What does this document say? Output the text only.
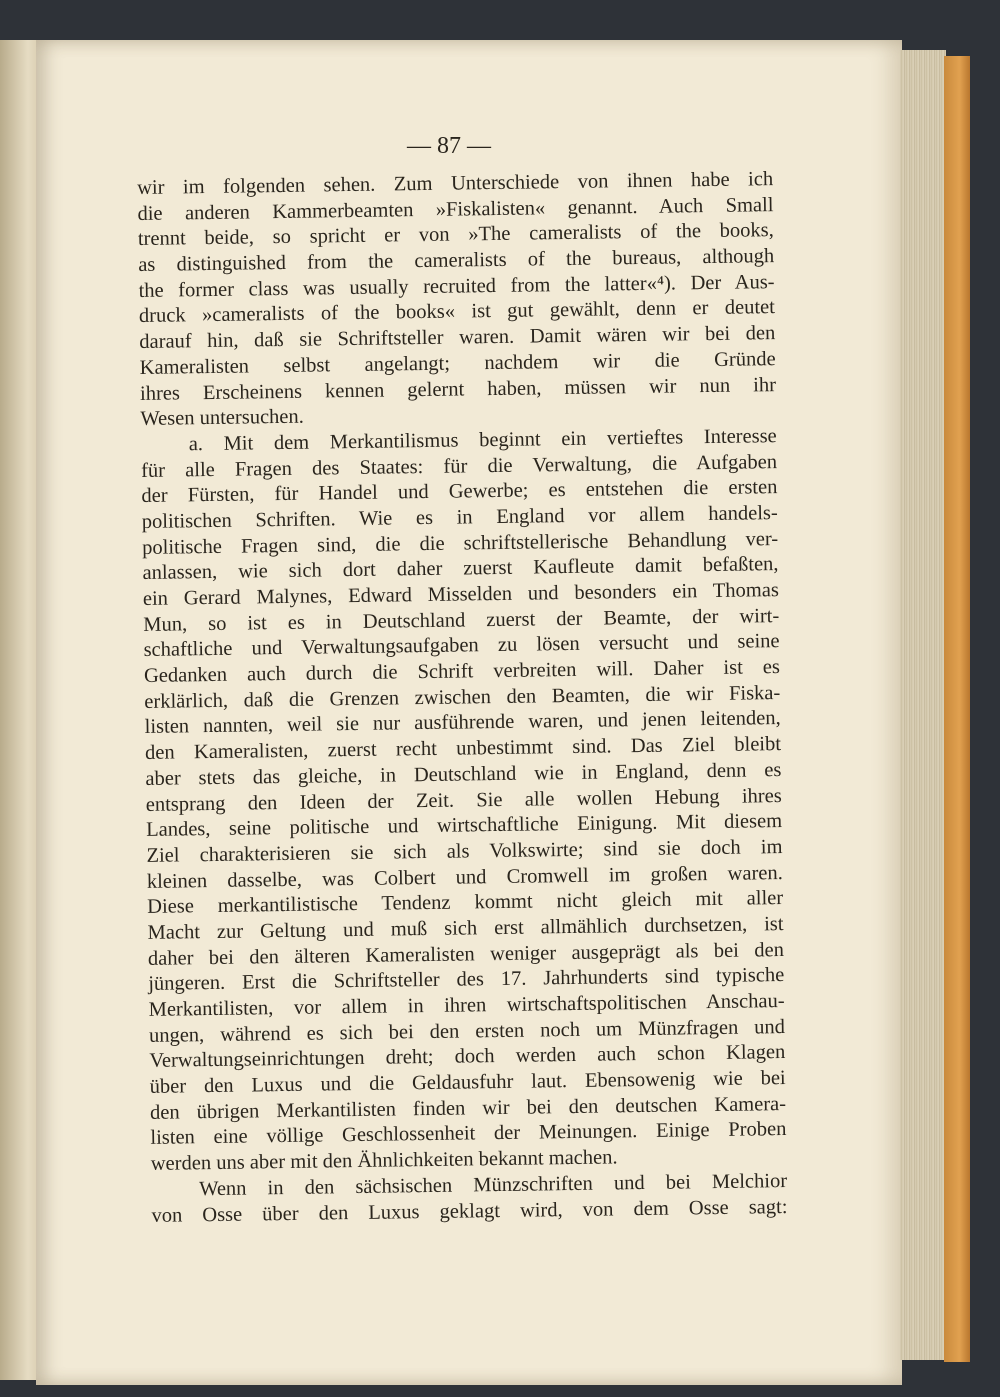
— 87 —
wir im folgenden sehen. Zum Unterschiede von ihnen habe ich
die anderen Kammerbeamten »Fiskalisten« genannt. Auch Small
trennt beide, so spricht er von »The cameralists of the books,
as distinguished from the cameralists of the bureaus, although
the former class was usually recruited from the latter«⁴). Der Aus-
druck »cameralists of the books« ist gut gewählt, denn er deutet
darauf hin, daß sie Schriftsteller waren. Damit wären wir bei den
Kameralisten selbst angelangt; nachdem wir die Gründe
ihres Erscheinens kennen gelernt haben, müssen wir nun ihr
Wesen untersuchen.
a. Mit dem Merkantilismus beginnt ein vertieftes Interesse
für alle Fragen des Staates: für die Verwaltung, die Aufgaben
der Fürsten, für Handel und Gewerbe; es entstehen die ersten
politischen Schriften. Wie es in England vor allem handels-
politische Fragen sind, die die schriftstellerische Behandlung ver-
anlassen, wie sich dort daher zuerst Kaufleute damit befaßten,
ein Gerard Malynes, Edward Misselden und besonders ein Thomas
Mun, so ist es in Deutschland zuerst der Beamte, der wirt-
schaftliche und Verwaltungsaufgaben zu lösen versucht und seine
Gedanken auch durch die Schrift verbreiten will. Daher ist es
erklärlich, daß die Grenzen zwischen den Beamten, die wir Fiska-
listen nannten, weil sie nur ausführende waren, und jenen leitenden,
den Kameralisten, zuerst recht unbestimmt sind. Das Ziel bleibt
aber stets das gleiche, in Deutschland wie in England, denn es
entsprang den Ideen der Zeit. Sie alle wollen Hebung ihres
Landes, seine politische und wirtschaftliche Einigung. Mit diesem
Ziel charakterisieren sie sich als Volkswirte; sind sie doch im
kleinen dasselbe, was Colbert und Cromwell im großen waren.
Diese merkantilistische Tendenz kommt nicht gleich mit aller
Macht zur Geltung und muß sich erst allmählich durchsetzen, ist
daher bei den älteren Kameralisten weniger ausgeprägt als bei den
jüngeren. Erst die Schriftsteller des 17. Jahrhunderts sind typische
Merkantilisten, vor allem in ihren wirtschaftspolitischen Anschau-
ungen, während es sich bei den ersten noch um Münzfragen und
Verwaltungseinrichtungen dreht; doch werden auch schon Klagen
über den Luxus und die Geldausfuhr laut. Ebensowenig wie bei
den übrigen Merkantilisten finden wir bei den deutschen Kamera-
listen eine völlige Geschlossenheit der Meinungen. Einige Proben
werden uns aber mit den Ähnlichkeiten bekannt machen.
Wenn in den sächsischen Münzschriften und bei Melchior
von Osse über den Luxus geklagt wird, von dem Osse sagt:
